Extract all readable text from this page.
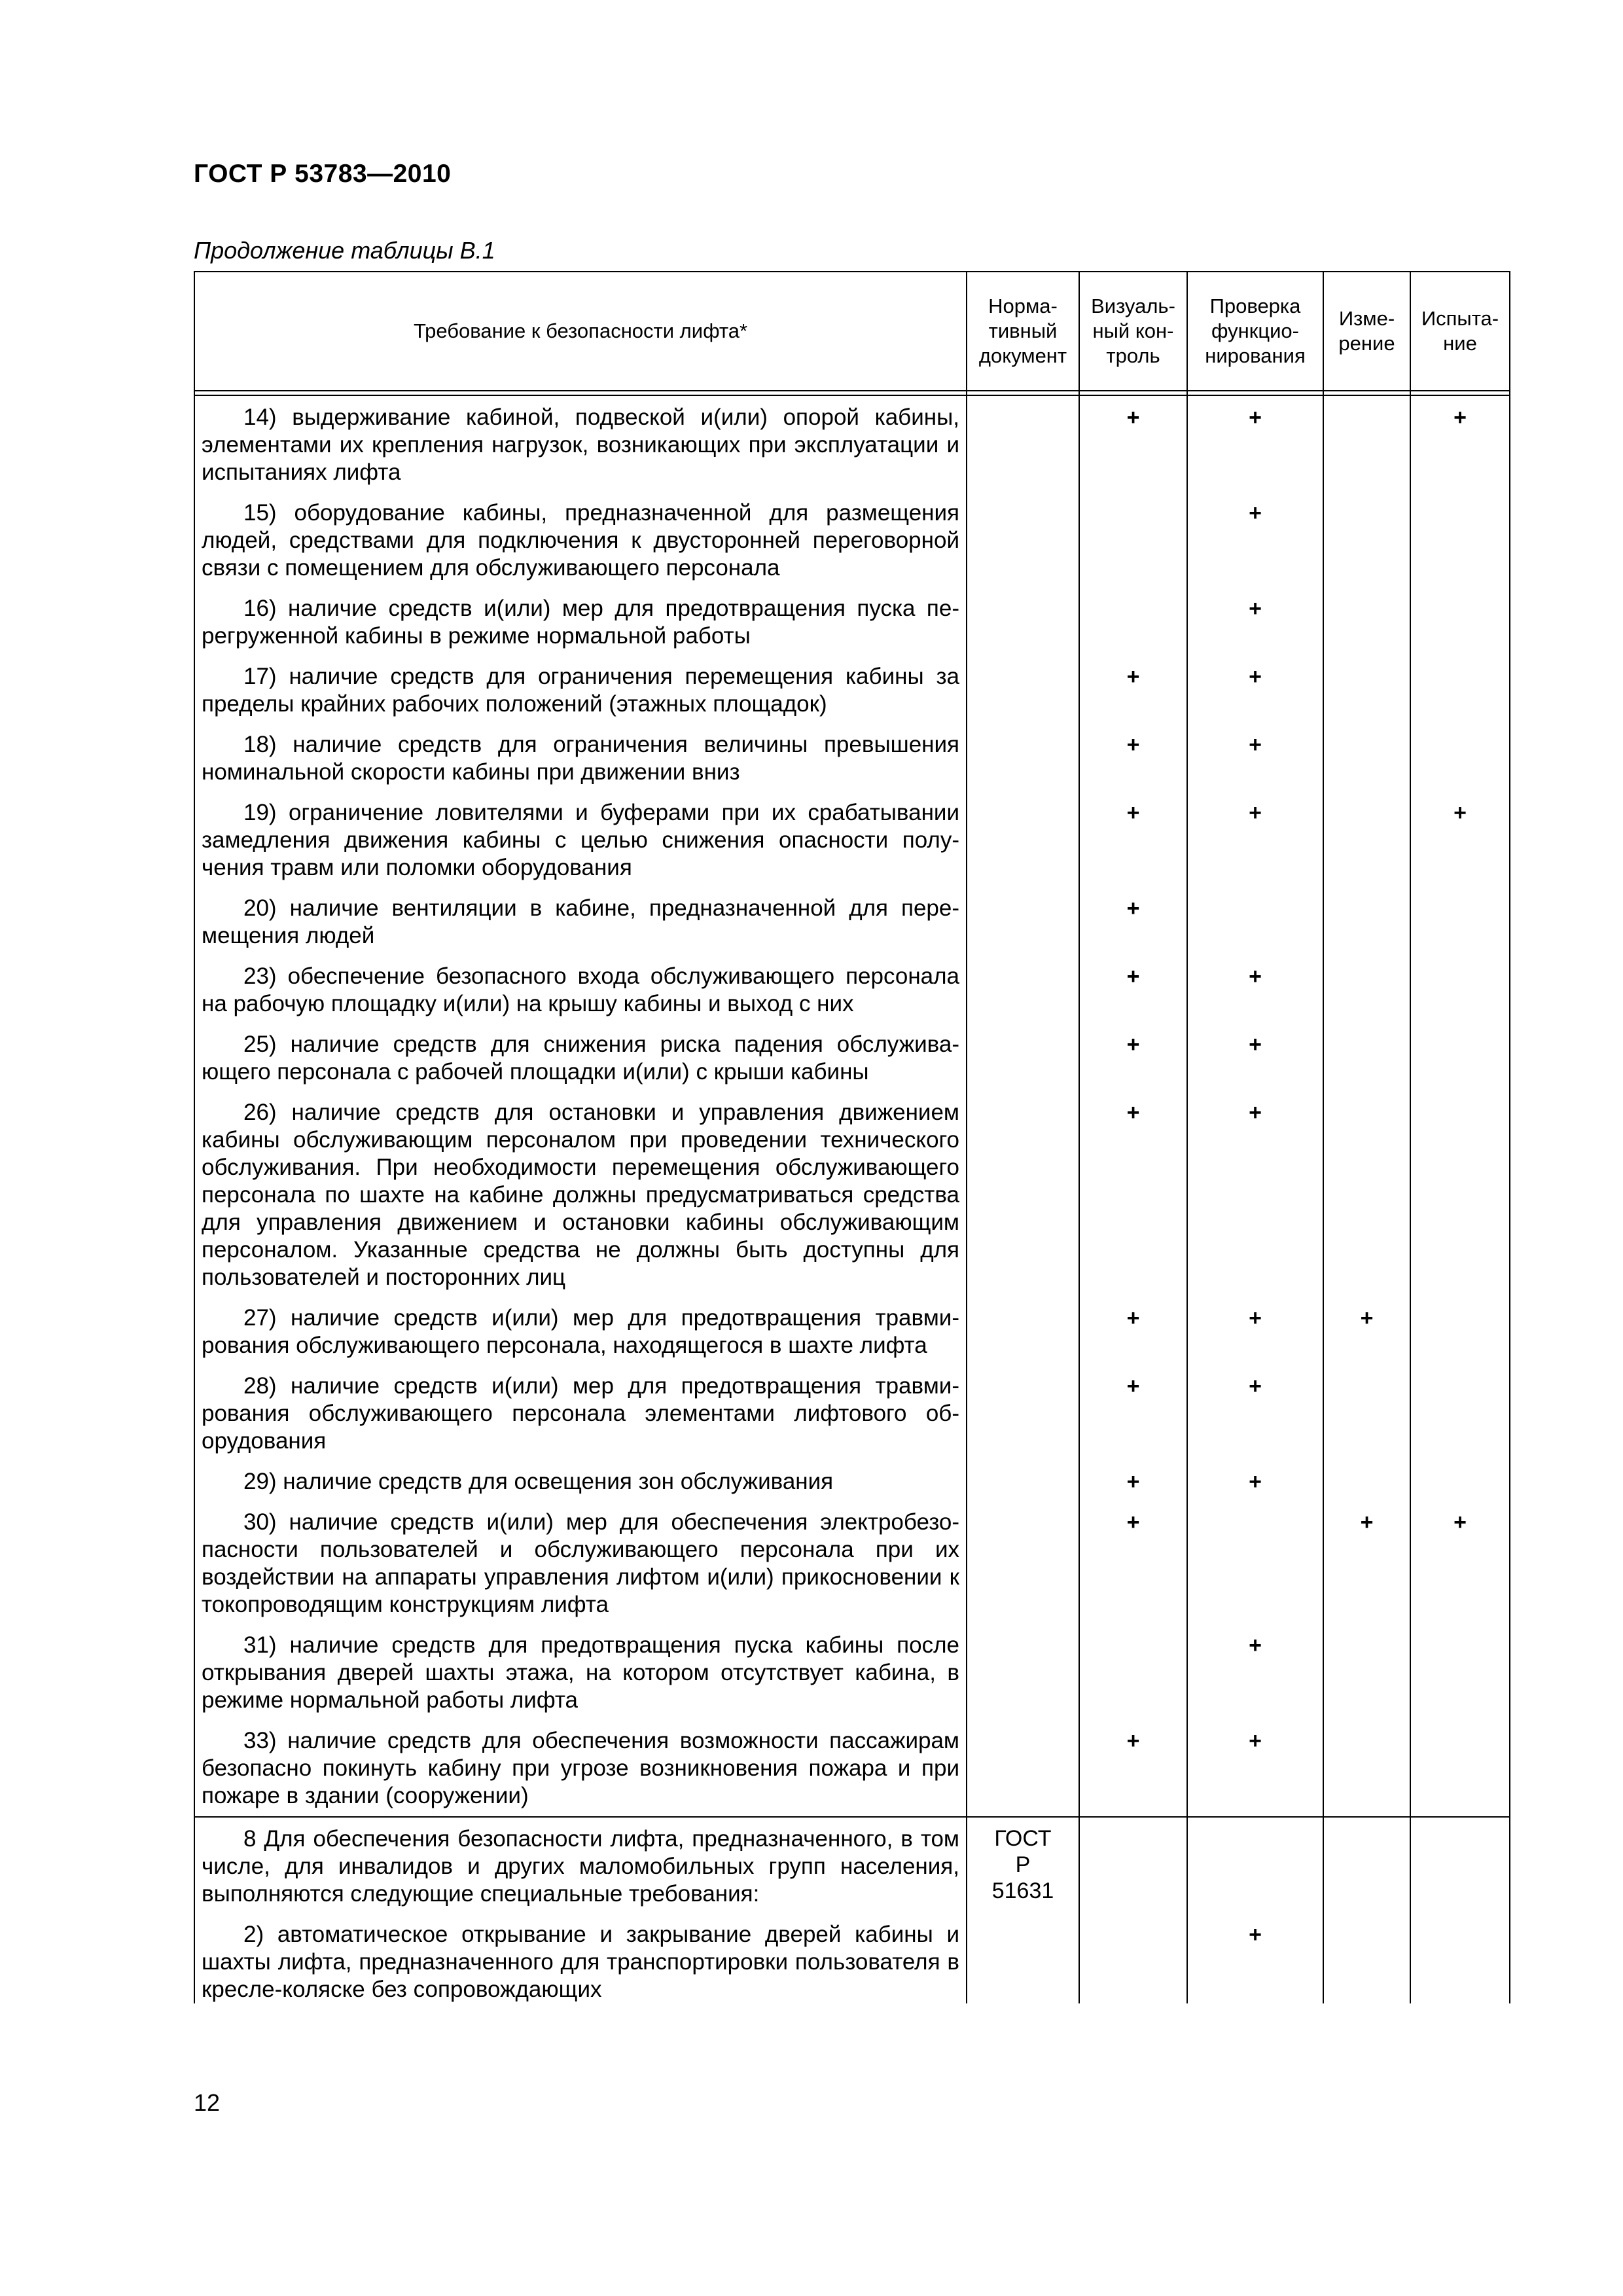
ГОСТ Р 53783—2010
Продолжение таблицы В.1
Требование к безопасности лифта*	Норма-
тивный
документ	Визуаль-
ный кон-
троль	Проверка
функцио-
нирования	Изме-
рение	Испыта-
ние

14) выдерживание кабиной, подвеской и(или) опорой кабины, элементами их крепления нагрузок, возникающих при эксплуатации и испытаниях лифта		+	+		+
15) оборудование кабины, предназначенной для размещения людей, средствами для подключения к двусторонней переговорной связи с помещением для обслуживающего персонала			+		
16) наличие средств и(или) мер для предотвращения пуска перегруженной кабины в режиме нормальной работы			+		
17) наличие средств для ограничения перемещения кабины за пределы крайних рабочих положений (этажных площадок)		+	+		
18) наличие средств для ограничения величины превышения номинальной скорости кабины при движении вниз		+	+		
19) ограничение ловителями и буферами при их срабатывании замедления движения кабины с целью снижения опасности получения травм или поломки оборудования		+	+		+
20) наличие вентиляции в кабине, предназначенной для перемещения людей		+			
23) обеспечение безопасного входа обслуживающего персонала на рабочую площадку и(или) на крышу кабины и выход с них		+	+		
25) наличие средств для снижения риска падения обслуживающего персонала с рабочей площадки и(или) с крыши кабины		+	+		
26) наличие средств для остановки и управления движением кабины обслуживающим персоналом при проведении технического обслуживания. При необходимости перемещения обслуживающего персонала по шахте на кабине должны предусматриваться средства для управления движением и остановки кабины обслуживающим персоналом. Указанные средства не должны быть доступны для пользователей и посторонних лиц		+	+		
27) наличие средств и(или) мер для предотвращения травмирования обслуживающего персонала, находящегося в шахте лифта		+	+	+	
28) наличие средств и(или) мер для предотвращения травмирования обслуживающего персонала элементами лифтового оборудования		+	+		
29) наличие средств для освещения зон обслуживания		+	+		
30) наличие средств и(или) мер для обеспечения электробезопасности пользователей и обслуживающего персонала при их воздействии на аппараты управления лифтом и(или) прикосновении к токопроводящим конструкциям лифта		+		+	+
31) наличие средств для предотвращения пуска кабины после открывания дверей шахты этажа, на котором отсутствует кабина, в режиме нормальной работы лифта			+		
33) наличие средств для обеспечения возможности пассажирам безопасно покинуть кабину при угрозе возникновения пожара и при пожаре в здании (сооружении)		+	+		
8 Для обеспечения безопасности лифта, предназначенного, в том числе, для инвалидов и других маломобильных групп населения, выполняются следующие специальные требования:	ГОСТ
Р
51631				
2) автоматическое открывание и закрывание дверей кабины и шахты лифта, предназначенного для транспортировки пользователя в кресле-коляске без сопровождающих			+		
12
